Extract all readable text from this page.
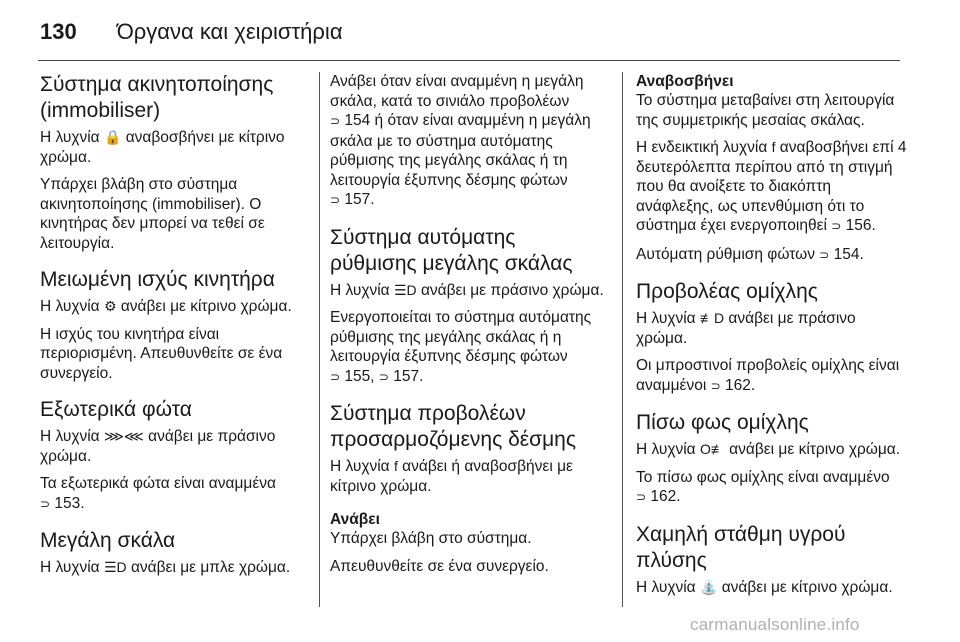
130 Όργανα και χειριστήρια
Σύστημα ακινητοποίησης (immobiliser)

Η λυχνία 🔒 αναβοσβήνει με κίτρινο χρώμα.

Υπάρχει βλάβη στο σύστημα ακινητοποίησης (immobiliser). Ο κινητήρας δεν μπορεί να τεθεί σε λειτουργία.

Μειωμένη ισχύς κινητήρα

Η λυχνία ⚙ ανάβει με κίτρινο χρώμα.

Η ισχύς του κινητήρα είναι περιορισμένη. Απευθυνθείτε σε ένα συνεργείο.

Εξωτερικά φώτα

Η λυχνία ⋙⋘ ανάβει με πράσινο χρώμα.

Τα εξωτερικά φώτα είναι αναμμένα
⊃ 153.

Μεγάλη σκάλα

Η λυχνία ☰D ανάβει με μπλε χρώμα.

Ανάβει όταν είναι αναμμένη η μεγάλη σκάλα, κατά το σινιάλο προβολέων
⊃ 154 ή όταν είναι αναμμένη η μεγάλη σκάλα με το σύστημα αυτόματης ρύθμισης της μεγάλης σκάλας ή τη λειτουργία έξυπνης δέσμης φώτων
⊃ 157.

Σύστημα αυτόματης ρύθμισης μεγάλης σκάλας

Η λυχνία ☰D ανάβει με πράσινο χρώμα.

Ενεργοποιείται το σύστημα αυτόματης ρύθμισης της μεγάλης σκάλας ή η λειτουργία έξυπνης δέσμης φώτων
⊃ 155, ⊃ 157.

Σύστημα προβολέων προσαρμοζόμενης δέσμης

Η λυχνία f ανάβει ή αναβοσβήνει με κίτρινο χρώμα.

Ανάβει

Υπάρχει βλάβη στο σύστημα.

Απευθυνθείτε σε ένα συνεργείο.

Αναβοσβήνει

Το σύστημα μεταβαίνει στη λειτουργία της συμμετρικής μεσαίας σκάλας.

Η ενδεικτική λυχνία f αναβοσβήνει επί 4 δευτερόλεπτα περίπου από τη στιγμή που θα ανοίξετε το διακόπτη ανάφλεξης, ως υπενθύμιση ότι το σύστημα έχει ενεργοποιηθεί ⊃ 156.

Αυτόματη ρύθμιση φώτων ⊃ 154.

Προβολέας ομίχλης

Η λυχνία ≢D ανάβει με πράσινο χρώμα.

Οι μπροστινοί προβολείς ομίχλης είναι αναμμένοι ⊃ 162.

Πίσω φως ομίχλης

Η λυχνία O≢ ανάβει με κίτρινο χρώμα.

Το πίσω φως ομίχλης είναι αναμμένο
⊃ 162.

Χαμηλή στάθμη υγρού πλύσης

Η λυχνία ⛲ ανάβει με κίτρινο χρώμα.

carmanualsonline.info
